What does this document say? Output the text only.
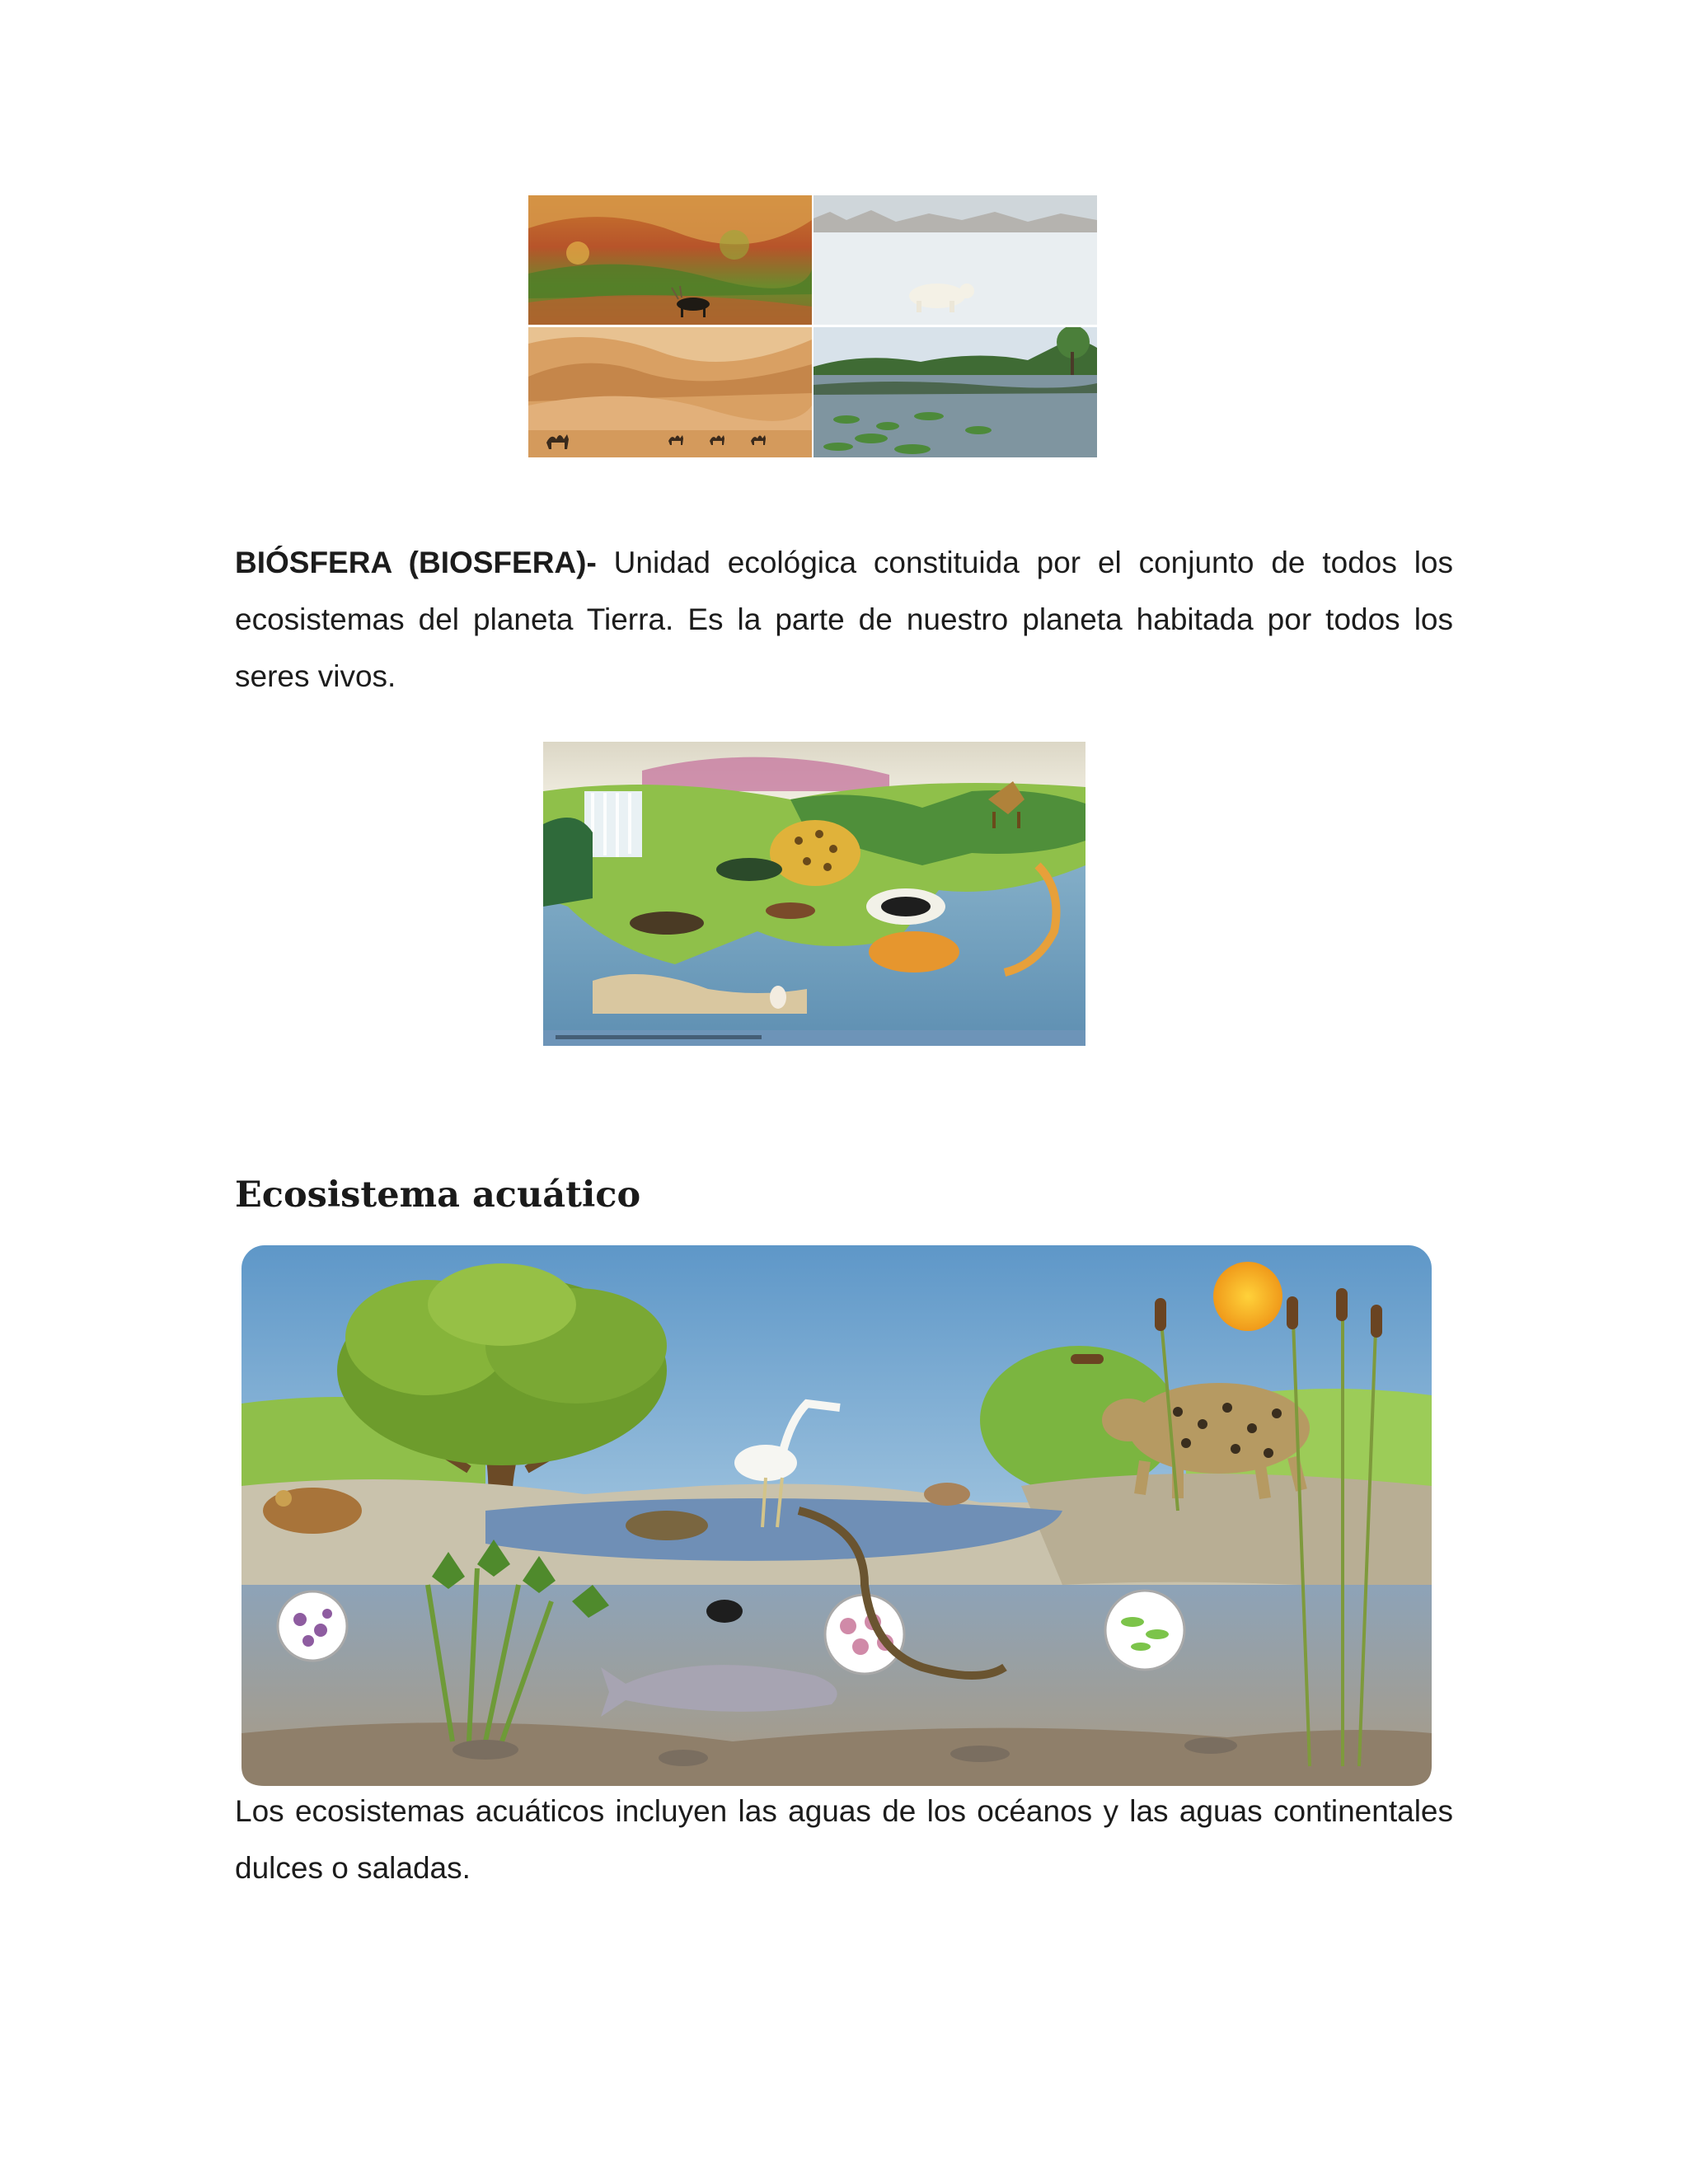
BIÓSFERA (BIOSFERA)- Unidad ecológica constituida por el conjunto de todos los ecosistemas del planeta Tierra. Es la parte de nuestro planeta habitada por todos los seres vivos.

Ecosistema acuático

Los ecosistemas acuáticos incluyen las aguas de los océanos y las aguas continentales dulces o saladas.
